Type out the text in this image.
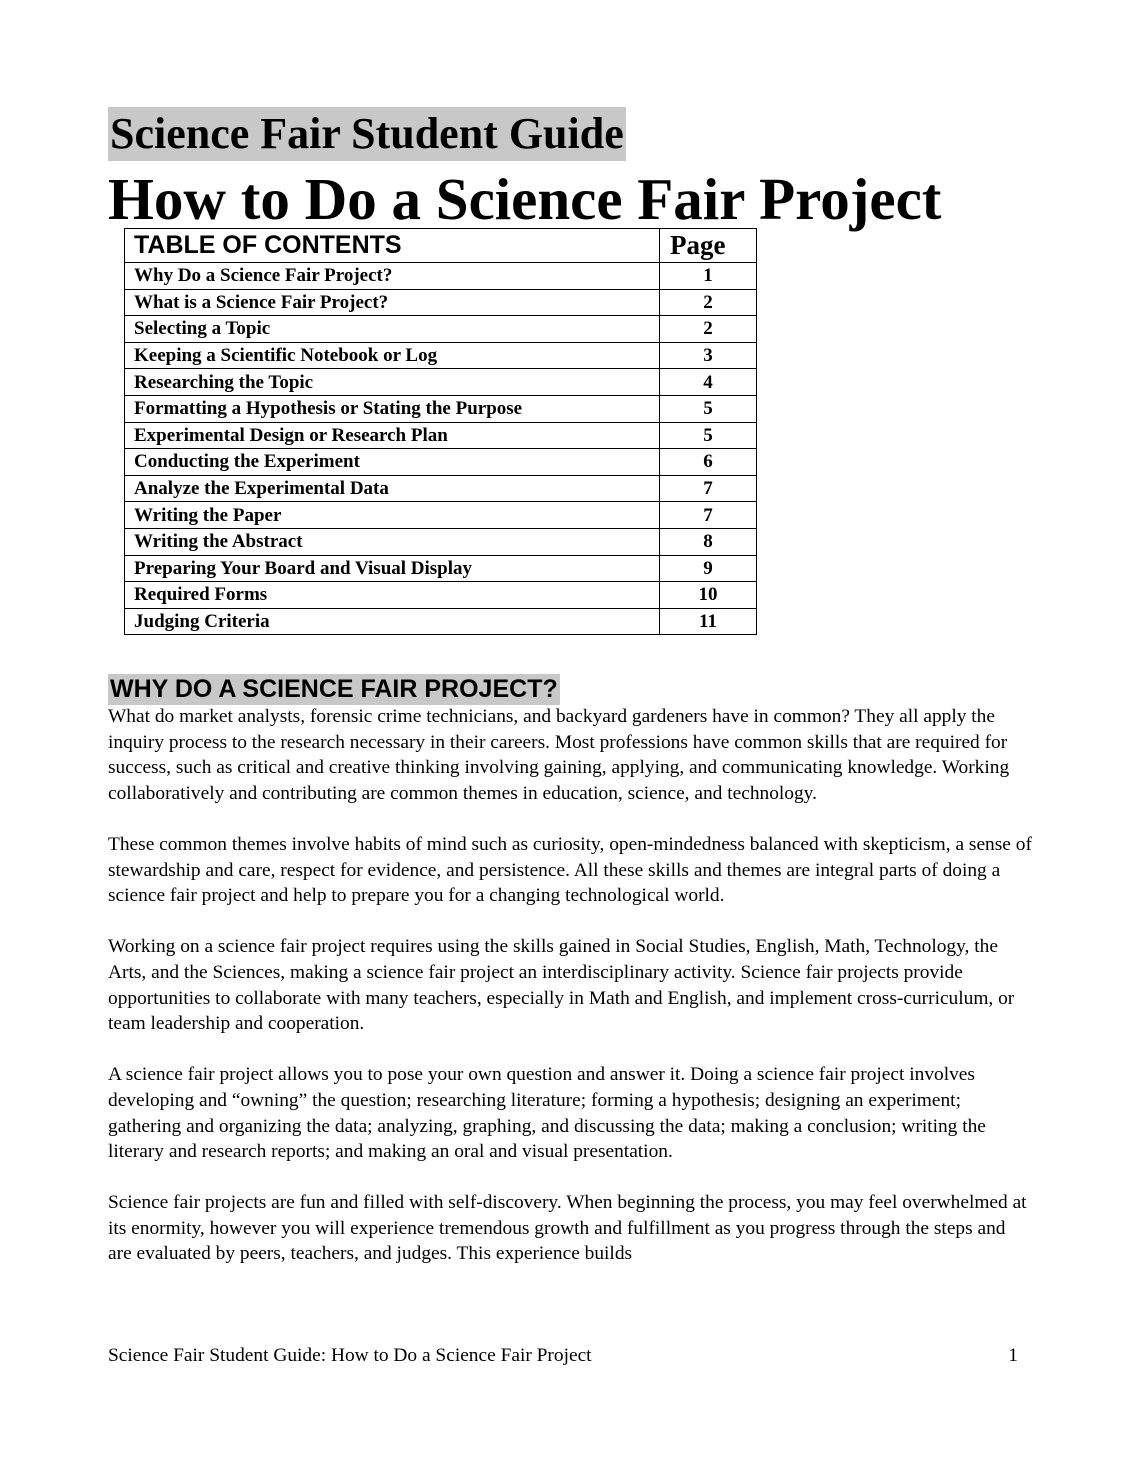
Science Fair Student Guide
How to Do a Science Fair Project
TABLE OF CONTENTS	Page
Why Do a Science Fair Project?	1
What is a Science Fair Project?	2
Selecting a Topic	2
Keeping a Scientific Notebook or Log	3
Researching the Topic	4
Formatting a Hypothesis or Stating the Purpose	5
Experimental Design or Research Plan	5
Conducting the Experiment	6
Analyze the Experimental Data	7
Writing the Paper	7
Writing the Abstract	8
Preparing Your Board and Visual Display	9
Required Forms	10
Judging Criteria	11
WHY DO A SCIENCE FAIR PROJECT?

What do market analysts, forensic crime technicians, and backyard gardeners have in common? They all apply the inquiry process to the research necessary in their careers. Most professions have common skills that are required for success, such as critical and creative thinking involving gaining, applying, and communicating knowledge. Working collaboratively and contributing are common themes in education, science, and technology.

These common themes involve habits of mind such as curiosity, open-mindedness balanced with skepticism, a sense of stewardship and care, respect for evidence, and persistence. All these skills and themes are integral parts of doing a science fair project and help to prepare you for a changing technological world.

Working on a science fair project requires using the skills gained in Social Studies, English, Math, Technology, the Arts, and the Sciences, making a science fair project an interdisciplinary activity. Science fair projects provide opportunities to collaborate with many teachers, especially in Math and English, and implement cross-curriculum, or team leadership and cooperation.

A science fair project allows you to pose your own question and answer it. Doing a science fair project involves developing and “owning” the question; researching literature; forming a hypothesis; designing an experiment; gathering and organizing the data; analyzing, graphing, and discussing the data; making a conclusion; writing the literary and research reports; and making an oral and visual presentation.

Science fair projects are fun and filled with self-discovery. When beginning the process, you may feel overwhelmed at its enormity, however you will experience tremendous growth and fulfillment as you progress through the steps and are evaluated by peers, teachers, and judges. This experience builds

Science Fair Student Guide: How to Do a Science Fair Project	1
